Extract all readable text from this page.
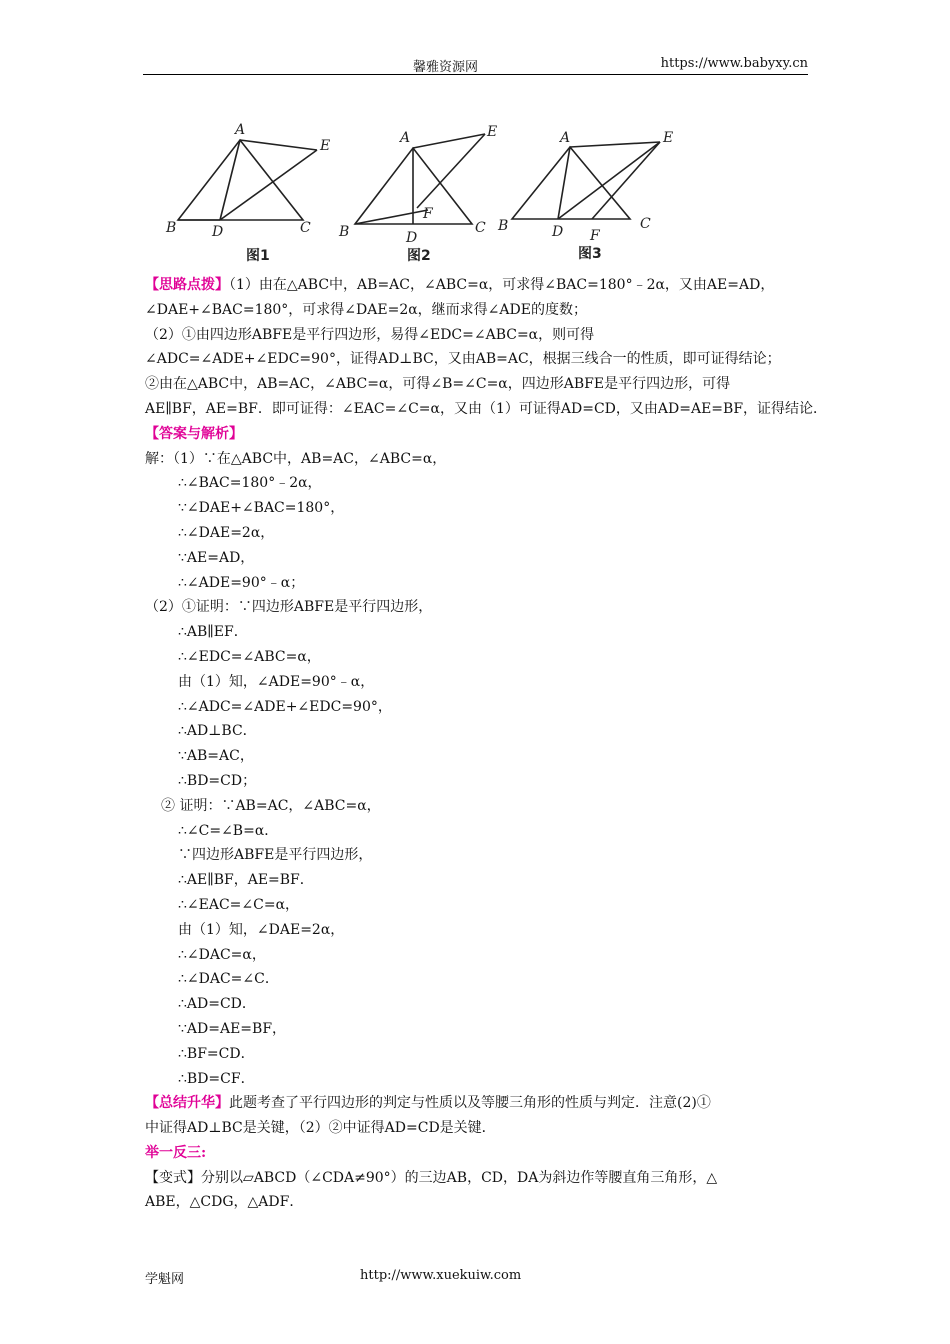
馨雅资源网	https://www.babyxy.cn
A
E
B	D	C
图1
A	E
F
B	D
C
图2
A	E
B	D F
C
图3
【思路点拨】（1）由在△ABC中，AB=AC，∠ABC=α，可求得∠BAC=180°﹣2α，又由AE=AD，
∠DAE+∠BAC=180°，可求得∠DAE=2α，继而求得∠ADE的度数；
（2）①由四边形ABFE是平行四边形，易得∠EDC=∠ABC=α，则可得
∠ADC=∠ADE+∠EDC=90°，证得AD⊥BC，又由AB=AC，根据三线合一的性质，即可证得结论；
②由在△ABC中，AB=AC，∠ABC=α，可得∠B=∠C=α，四边形ABFE是平行四边形，可得
AE∥BF，AE=BF．即可证得：∠EAC=∠C=α，又由（1）可证得AD=CD，又由AD=AE=BF，证得结论．
【答案与解析】
解：（1）∵在△ABC中，AB=AC，∠ABC=α，
∴∠BAC=180°﹣2α，
∵∠DAE+∠BAC=180°，
∴∠DAE=2α，
∵AE=AD，
∴∠ADE=90°﹣α；
（2）①证明：∵四边形ABFE是平行四边形，
∴AB∥EF．
∴∠EDC=∠ABC=α，
由（1）知，∠ADE=90°﹣α，
∴∠ADC=∠ADE+∠EDC=90°，
∴AD⊥BC．
∵AB=AC，
∴BD=CD；
② 证明：∵AB=AC，∠ABC=α，
∴∠C=∠B=α．
∵四边形ABFE是平行四边形，
∴AE∥BF，AE=BF．
∴∠EAC=∠C=α，
由（1）知，∠DAE=2α，
∴∠DAC=α，
∴∠DAC=∠C．
∴AD=CD．
∵AD=AE=BF，
∴BF=CD．
∴BD=CF．
【总结升华】此题考查了平行四边形的判定与性质以及等腰三角形的性质与判定．注意(2)①
中证得AD⊥BC是关键，（2）②中证得AD=CD是关键．
举一反三:
【变式】分别以▱ABCD（∠CDA≠90°）的三边AB，CD，DA为斜边作等腰直角三角形，△
ABE，△CDG，△ADF．
学魁网	http://www.xuekuiw.com
